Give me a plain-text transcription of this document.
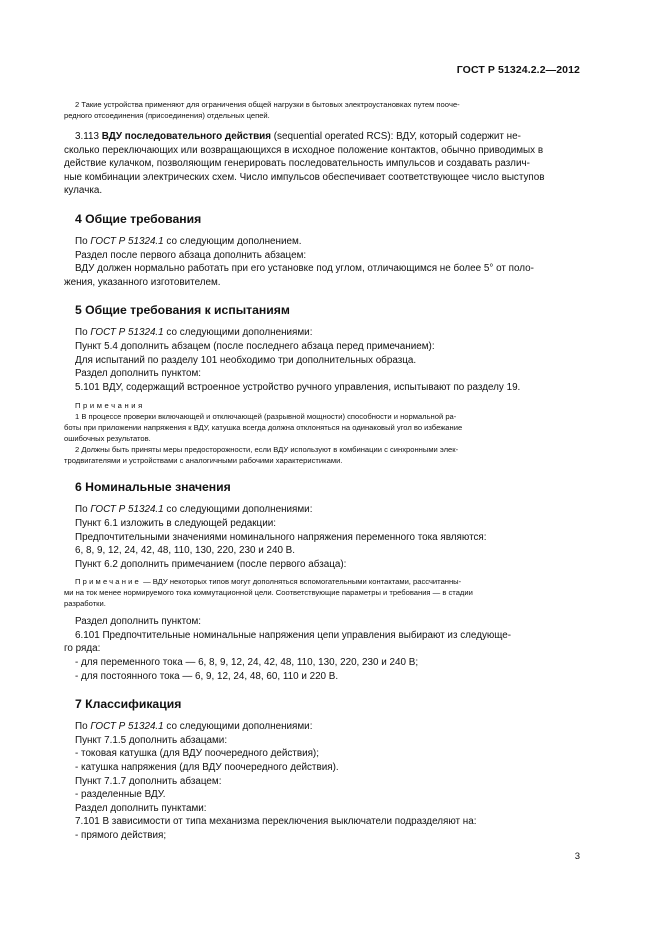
ГОСТ Р 51324.2.2—2012

2 Такие устройства применяют для ограничения общей нагрузки в бытовых электроустановках путем поoче-

редного отсоединения (присоединения) отдельных цепей.

3.113 ВДУ последовательного действия (sequential operated RCS): ВДУ, который содержит не-

сколько переключающих или возвращающихся в исходное положение контактов, обычно приводимых в

действие кулачком, позволяющим генерировать последовательность импульсов и создавать различ-

ные комбинации электрических схем. Число импульсов обеспечивает соответствующее число выступов

кулачка.

4 Общие требования

По ГОСТ Р 51324.1 со следующим дополнением.

Раздел после первого абзаца дополнить абзацем:

ВДУ должен нормально работать при его установке под углом, отличающимся не более 5° от поло-

жения, указанного изготовителем.

5 Общие требования к испытаниям

По ГОСТ Р 51324.1 со следующими дополнениями:

Пункт 5.4 дополнить абзацем (после последнего абзаца перед примечанием):

Для испытаний по разделу 101 необходимо три дополнительных образца.

Раздел дополнить пунктом:

5.101 ВДУ, содержащий встроенное устройство ручного управления, испытывают по разделу 19.

Примечания

1 В процессе проверки включающей и отключающей (разрывной мощности) способности и нормальной ра-

боты при приложении напряжения к ВДУ, катушка всегда должна отклоняться на одинаковый угол во избежание

ошибочных результатов.

2 Должны быть приняты меры предосторожности, если ВДУ используют в комбинации с синхронными элек-

тродвигателями и устройствами с аналогичными рабочими характеристиками.

6 Номинальные значения

По ГОСТ Р 51324.1 со следующими дополнениями:

Пункт 6.1 изложить в следующей редакции:

Предпочтительными значениями номинального напряжения переменного тока являются:

6, 8, 9, 12, 24, 42, 48, 110, 130, 220, 230 и 240 В.

Пункт 6.2 дополнить примечанием (после первого абзаца):

Примечание — ВДУ некоторых типов могут дополняться вспомогательными контактами, рассчитанны-

ми на ток менее нормируемого тока коммутационной цели. Соответствующие параметры и требования — в стадии

разработки.

Раздел дополнить пунктом:

6.101 Предпочтительные номинальные напряжения цепи управления выбирают из следующе-

го ряда:

- для переменного тока — 6, 8, 9, 12, 24, 42, 48, 110, 130, 220, 230 и 240 В;

- для постоянного тока — 6, 9, 12, 24, 48, 60, 110 и 220 В.

7 Классификация

По ГОСТ Р 51324.1 со следующими дополнениями:

Пункт 7.1.5 дополнить абзацами:

- токовая катушка (для ВДУ поочередного действия);

- катушка напряжения (для ВДУ поочередного действия).

Пункт 7.1.7 дополнить абзацем:

- разделенные ВДУ.

Раздел дополнить пунктами:

7.101 В зависимости от типа механизма переключения выключатели подразделяют на:

- прямого действия;

3
